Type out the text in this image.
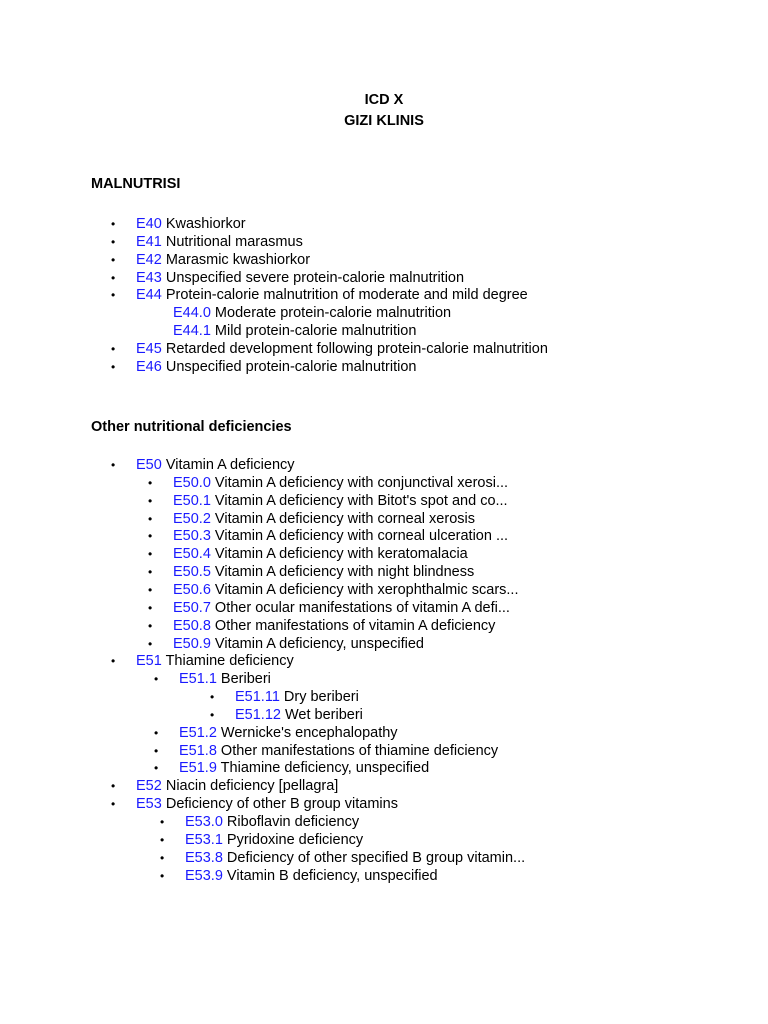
ICD X
GIZI KLINIS
MALNUTRISI
• E40 Kwashiorkor
• E41 Nutritional marasmus
• E42 Marasmic kwashiorkor
• E43 Unspecified severe protein-calorie malnutrition
• E44 Protein-calorie malnutrition of moderate and mild degree
E44.0 Moderate protein-calorie malnutrition
E44.1 Mild protein-calorie malnutrition
• E45 Retarded development following protein-calorie malnutrition
• E46 Unspecified protein-calorie malnutrition
Other nutritional deficiencies
• E50 Vitamin A deficiency
• E50.0 Vitamin A deficiency with conjunctival xerosi...
• E50.1 Vitamin A deficiency with Bitot's spot and co...
• E50.2 Vitamin A deficiency with corneal xerosis
• E50.3 Vitamin A deficiency with corneal ulceration ...
• E50.4 Vitamin A deficiency with keratomalacia
• E50.5 Vitamin A deficiency with night blindness
• E50.6 Vitamin A deficiency with xerophthalmic scars...
• E50.7 Other ocular manifestations of vitamin A defi...
• E50.8 Other manifestations of vitamin A deficiency
• E50.9 Vitamin A deficiency, unspecified
• E51 Thiamine deficiency
• E51.1 Beriberi
• E51.11 Dry beriberi
• E51.12 Wet beriberi
• E51.2 Wernicke's encephalopathy
• E51.8 Other manifestations of thiamine deficiency
• E51.9 Thiamine deficiency, unspecified
• E52 Niacin deficiency [pellagra]
• E53 Deficiency of other B group vitamins
• E53.0 Riboflavin deficiency
• E53.1 Pyridoxine deficiency
• E53.8 Deficiency of other specified B group vitamin...
• E53.9 Vitamin B deficiency, unspecified
